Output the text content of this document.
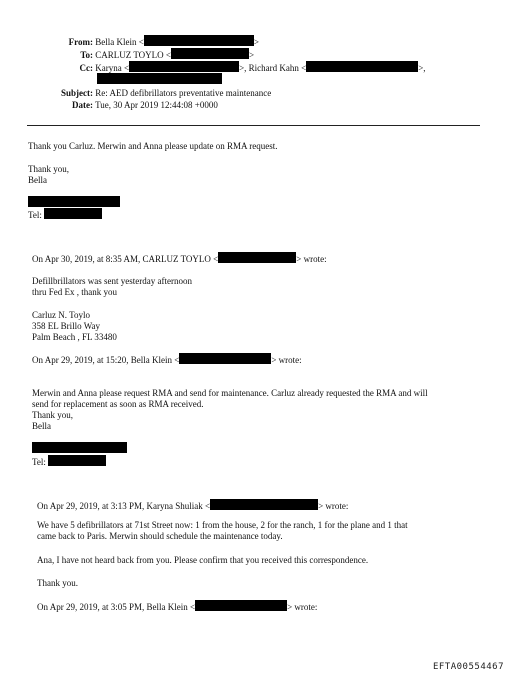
From: Bella Klein <	>
To: CARLUZ TOYLO <	>
Cc: Karyna <	>, Richard Kahn <	>,
Subject: Re: AED defibrillators preventative maintenance
Date: Tue, 30 Apr 2019 12:44:08 +0000
Thank you Carluz. Merwin and Anna please update on RMA request.
Thank you,
Bella
Tel:
On Apr 30, 2019, at 8:35 AM, CARLUZ TOYLO <	> wrote:
Defillbrillators was sent yesterday afternoon
thru Fed Ex , thank you
Carluz N. Toylo
358 EL Brillo Way
Palm Beach , FL 33480
On Apr 29, 2019, at 15:20, Bella Klein <	> wrote:
Merwin and Anna please request RMA and send for maintenance. Carluz already requested the RMA and will
send for replacement as soon as RMA received.
Thank you,
Bella
Tel:
On Apr 29, 2019, at 3:13 PM, Karyna Shuliak <	> wrote:
We have 5 defibrillators at 71st Street now: 1 from the house, 2 for the ranch, 1 for the plane and 1 that
came back to Paris. Merwin should schedule the maintenance today.
Ana, I have not heard back from you. Please confirm that you received this correspondence.
Thank you.
On Apr 29, 2019, at 3:05 PM, Bella Klein <	> wrote:
EFTA00554467
